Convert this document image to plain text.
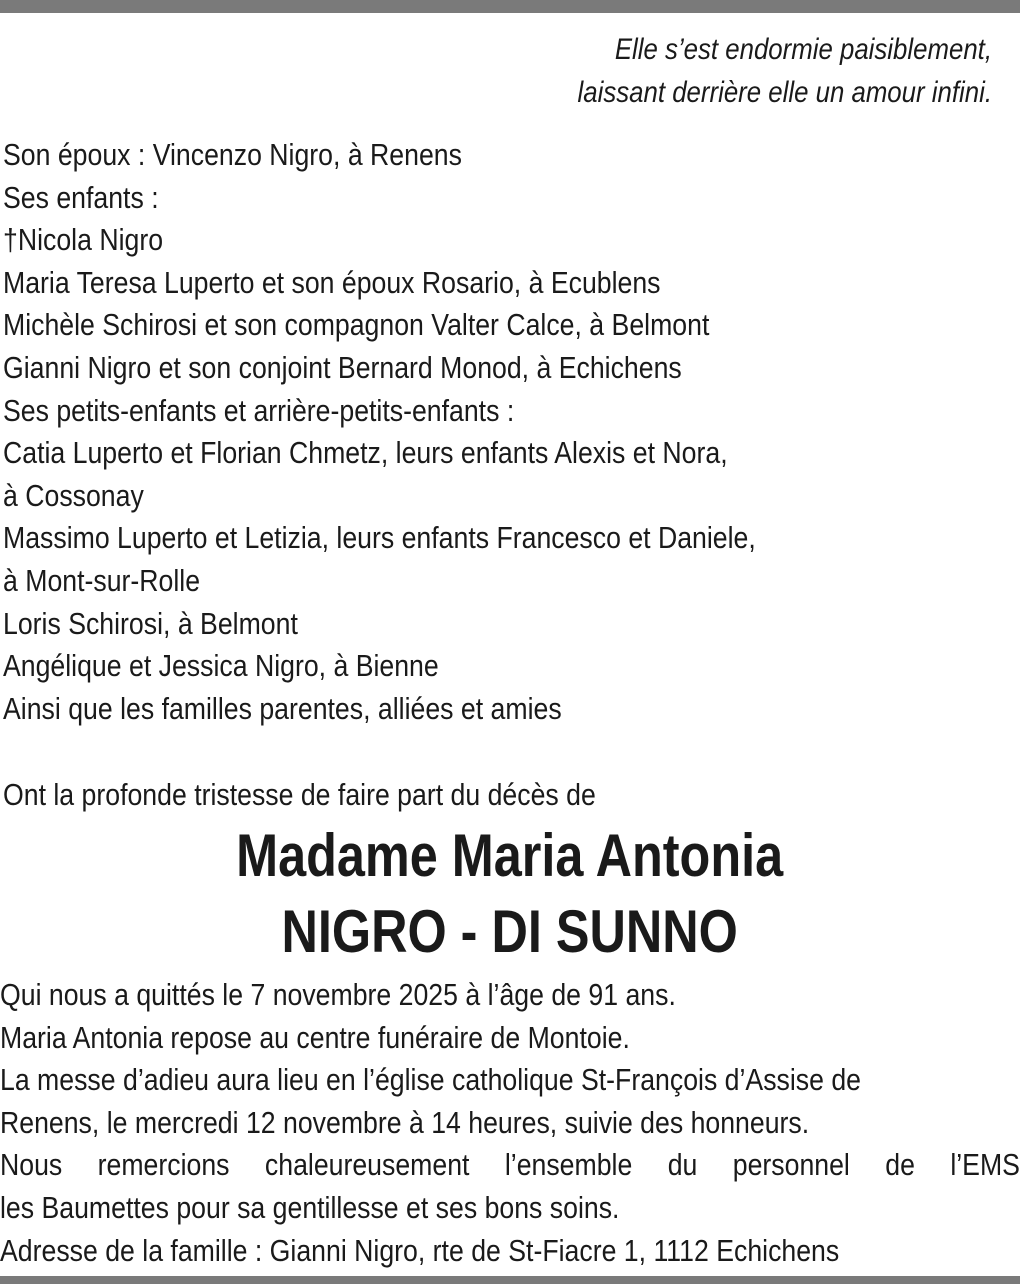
Elle s’est endormie paisiblement,
laissant derrière elle un amour infini.
Son époux : Vincenzo Nigro, à Renens
Ses enfants :
†Nicola Nigro
Maria Teresa Luperto et son époux Rosario, à Ecublens
Michèle Schirosi et son compagnon Valter Calce, à Belmont
Gianni Nigro et son conjoint Bernard Monod, à Echichens
Ses petits-enfants et arrière-petits-enfants :
Catia Luperto et Florian Chmetz, leurs enfants Alexis et Nora,
à Cossonay
Massimo Luperto et Letizia, leurs enfants Francesco et Daniele,
à Mont-sur-Rolle
Loris Schirosi, à Belmont
Angélique et Jessica Nigro, à Bienne
Ainsi que les familles parentes, alliées et amies
Ont la profonde tristesse de faire part du décès de
Madame Maria Antonia
NIGRO - DI SUNNO
Qui nous a quittés le 7 novembre 2025 à l’âge de 91 ans.
Maria Antonia repose au centre funéraire de Montoie.
La messe d’adieu aura lieu en l’église catholique St-François d’Assise de
Renens, le mercredi 12 novembre à 14 heures, suivie des honneurs.
Nous remercions chaleureusement l’ensemble du personnel de l’EMS
les Baumettes pour sa gentillesse et ses bons soins.
Adresse de la famille : Gianni Nigro, rte de St-Fiacre 1, 1112 Echichens
